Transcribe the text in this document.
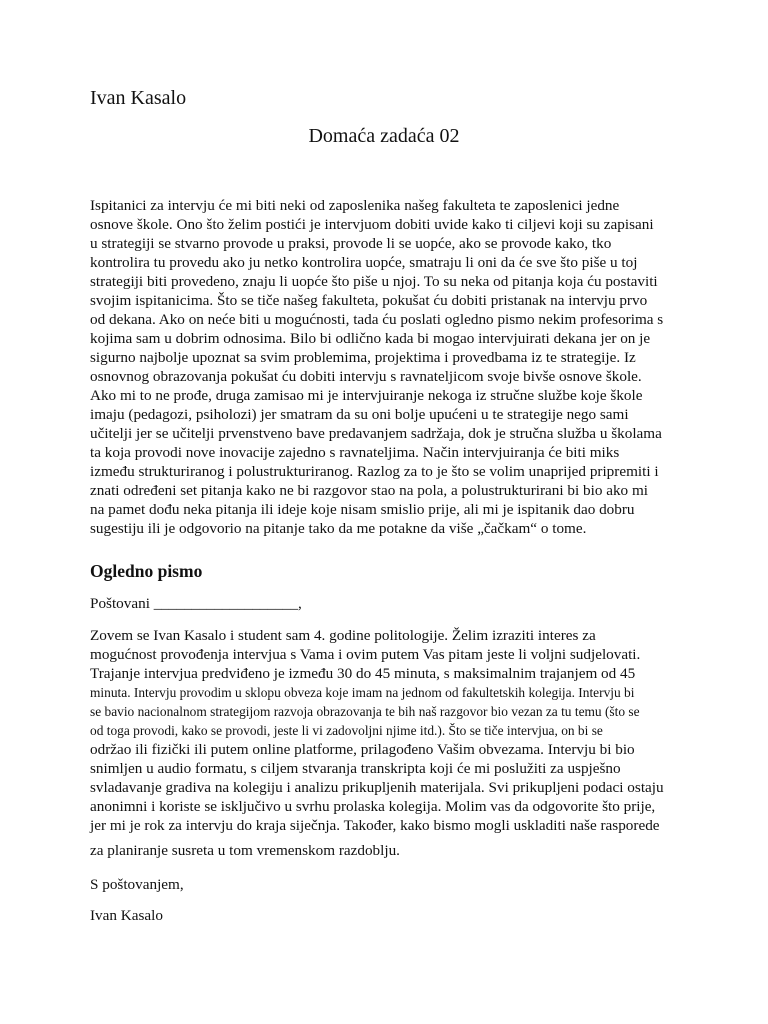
Ivan Kasalo
Domaća zadaća 02
Ispitanici za intervju će mi biti neki od zaposlenika našeg fakulteta te zaposlenici jedne
osnove škole. Ono što želim postići je intervjuom dobiti uvide kako ti ciljevi koji su zapisani
u strategiji se stvarno provode u praksi, provode li se uopće, ako se provode kako, tko
kontrolira tu provedu ako ju netko kontrolira uopće, smatraju li oni da će sve što piše u toj
strategiji biti provedeno, znaju li uopće što piše u njoj. To su neka od pitanja koja ću postaviti
svojim ispitanicima. Što se tiče našeg fakulteta, pokušat ću dobiti pristanak na intervju prvo
od dekana. Ako on neće biti u mogućnosti, tada ću poslati ogledno pismo nekim profesorima s
kojima sam u dobrim odnosima. Bilo bi odlično kada bi mogao intervjuirati dekana jer on je
sigurno najbolje upoznat sa svim problemima, projektima i provedbama iz te strategije. Iz
osnovnog obrazovanja pokušat ću dobiti intervju s ravnateljicom svoje bivše osnove škole.
Ako mi to ne prođe, druga zamisao mi je intervjuiranje nekoga iz stručne službe koje škole
imaju (pedagozi, psiholozi) jer smatram da su oni bolje upućeni u te strategije nego sami
učitelji jer se učitelji prvenstveno bave predavanjem sadržaja, dok je stručna služba u školama
ta koja provodi nove inovacije zajedno s ravnateljima. Način intervjuiranja će biti miks
između strukturiranog i polustrukturiranog. Razlog za to je što se volim unaprijed pripremiti i
znati određeni set pitanja kako ne bi razgovor stao na pola, a polustrukturirani bi bio ako mi
na pamet dođu neka pitanja ili ideje koje nisam smislio prije, ali mi je ispitanik dao dobru
sugestiju ili je odgovorio na pitanje tako da me potakne da više „čačkam“ o tome.
Ogledno pismo
Poštovani ___________________,
Zovem se Ivan Kasalo i student sam 4. godine politologije. Želim izraziti interes za
mogućnost provođenja intervjua s Vama i ovim putem Vas pitam jeste li voljni sudjelovati.
Trajanje intervjua predviđeno je između 30 do 45 minuta, s maksimalnim trajanjem od 45
minuta. Intervju provodim u sklopu obveza koje imam na jednom od fakultetskih kolegija. Intervju bi
se bavio nacionalnom strategijom razvoja obrazovanja te bih naš razgovor bio vezan za tu temu (što se
od toga provodi, kako se provodi, jeste li vi zadovoljni njime itd.). Što se tiče intervjua, on bi se
održao ili fizički ili putem online platforme, prilagođeno Vašim obvezama. Intervju bi bio
snimljen u audio formatu, s ciljem stvaranja transkripta koji će mi poslužiti za uspješno
svladavanje gradiva na kolegiju i analizu prikupljenih materijala. Svi prikupljeni podaci ostaju
anonimni i koriste se isključivo u svrhu prolaska kolegija. Molim vas da odgovorite što prije,
jer mi je rok za intervju do kraja siječnja. Također, kako bismo mogli uskladiti naše rasporede
za planiranje susreta u tom vremenskom razdoblju.
S poštovanjem,
Ivan Kasalo
